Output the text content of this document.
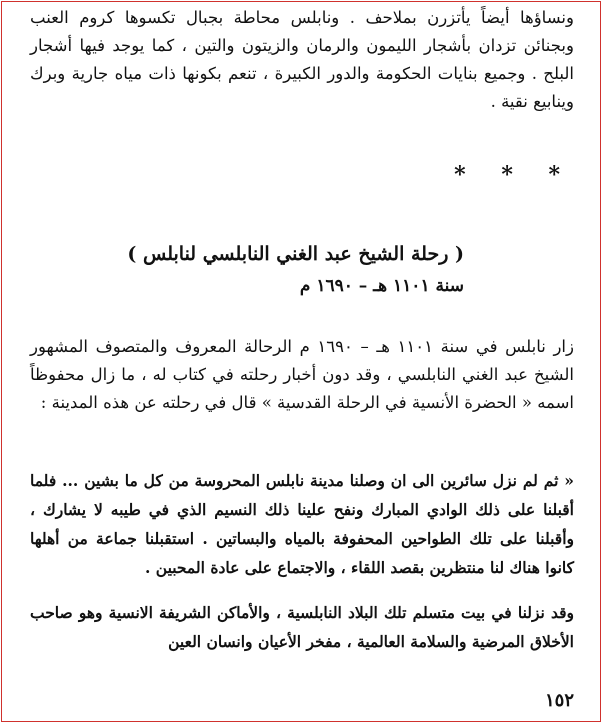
ونساؤها أيضاً يأتزرن بملاحف . ونابلس محاطة بجبال تكسوها كروم العنب وبجنائن تزدان بأشجار الليمون والرمان والزيتون والتين ، كما يوجد فيها أشجار البلح . وجميع بنايات الحكومة والدور الكبيرة ، تنعم بكونها ذات مياه جارية وبرك وينابيع نقية .

* * *
( رحلة الشيخ عبد الغني النابلسي لنابلس )
سنة ١١٠١ هـ – ١٦٩٠ م

زار نابلس في سنة ١١٠١ هـ – ١٦٩٠ م الرحالة المعروف والمتصوف المشهور الشيخ عبد الغني النابلسي ، وقد دون أخبار رحلته في كتاب له ، ما زال محفوظاً اسمه « الحضرة الأنسية في الرحلة القدسية » قال في رحلته عن هذه المدينة :

« ثم لم نزل سائرين الى ان وصلنا مدينة نابلس المحروسة من كل ما بشين ... فلما أقبلنا على ذلك الوادي المبارك ونفح علينا ذلك النسيم الذي في طيبه لا يشارك ، وأقبلنا على تلك الطواحين المحفوفة بالمياه والبساتين . استقبلنا جماعة من أهلها كانوا هناك لنا منتظرين بقصد اللقاء ، والاجتماع على عادة المحبين .

وقد نزلنا في بيت متسلم تلك البلاد النابلسية ، والأماكن الشريفة الانسية وهو صاحب الأخلاق المرضية والسلامة العالمية ، مفخر الأعيان وانسان العين

١٥٢
